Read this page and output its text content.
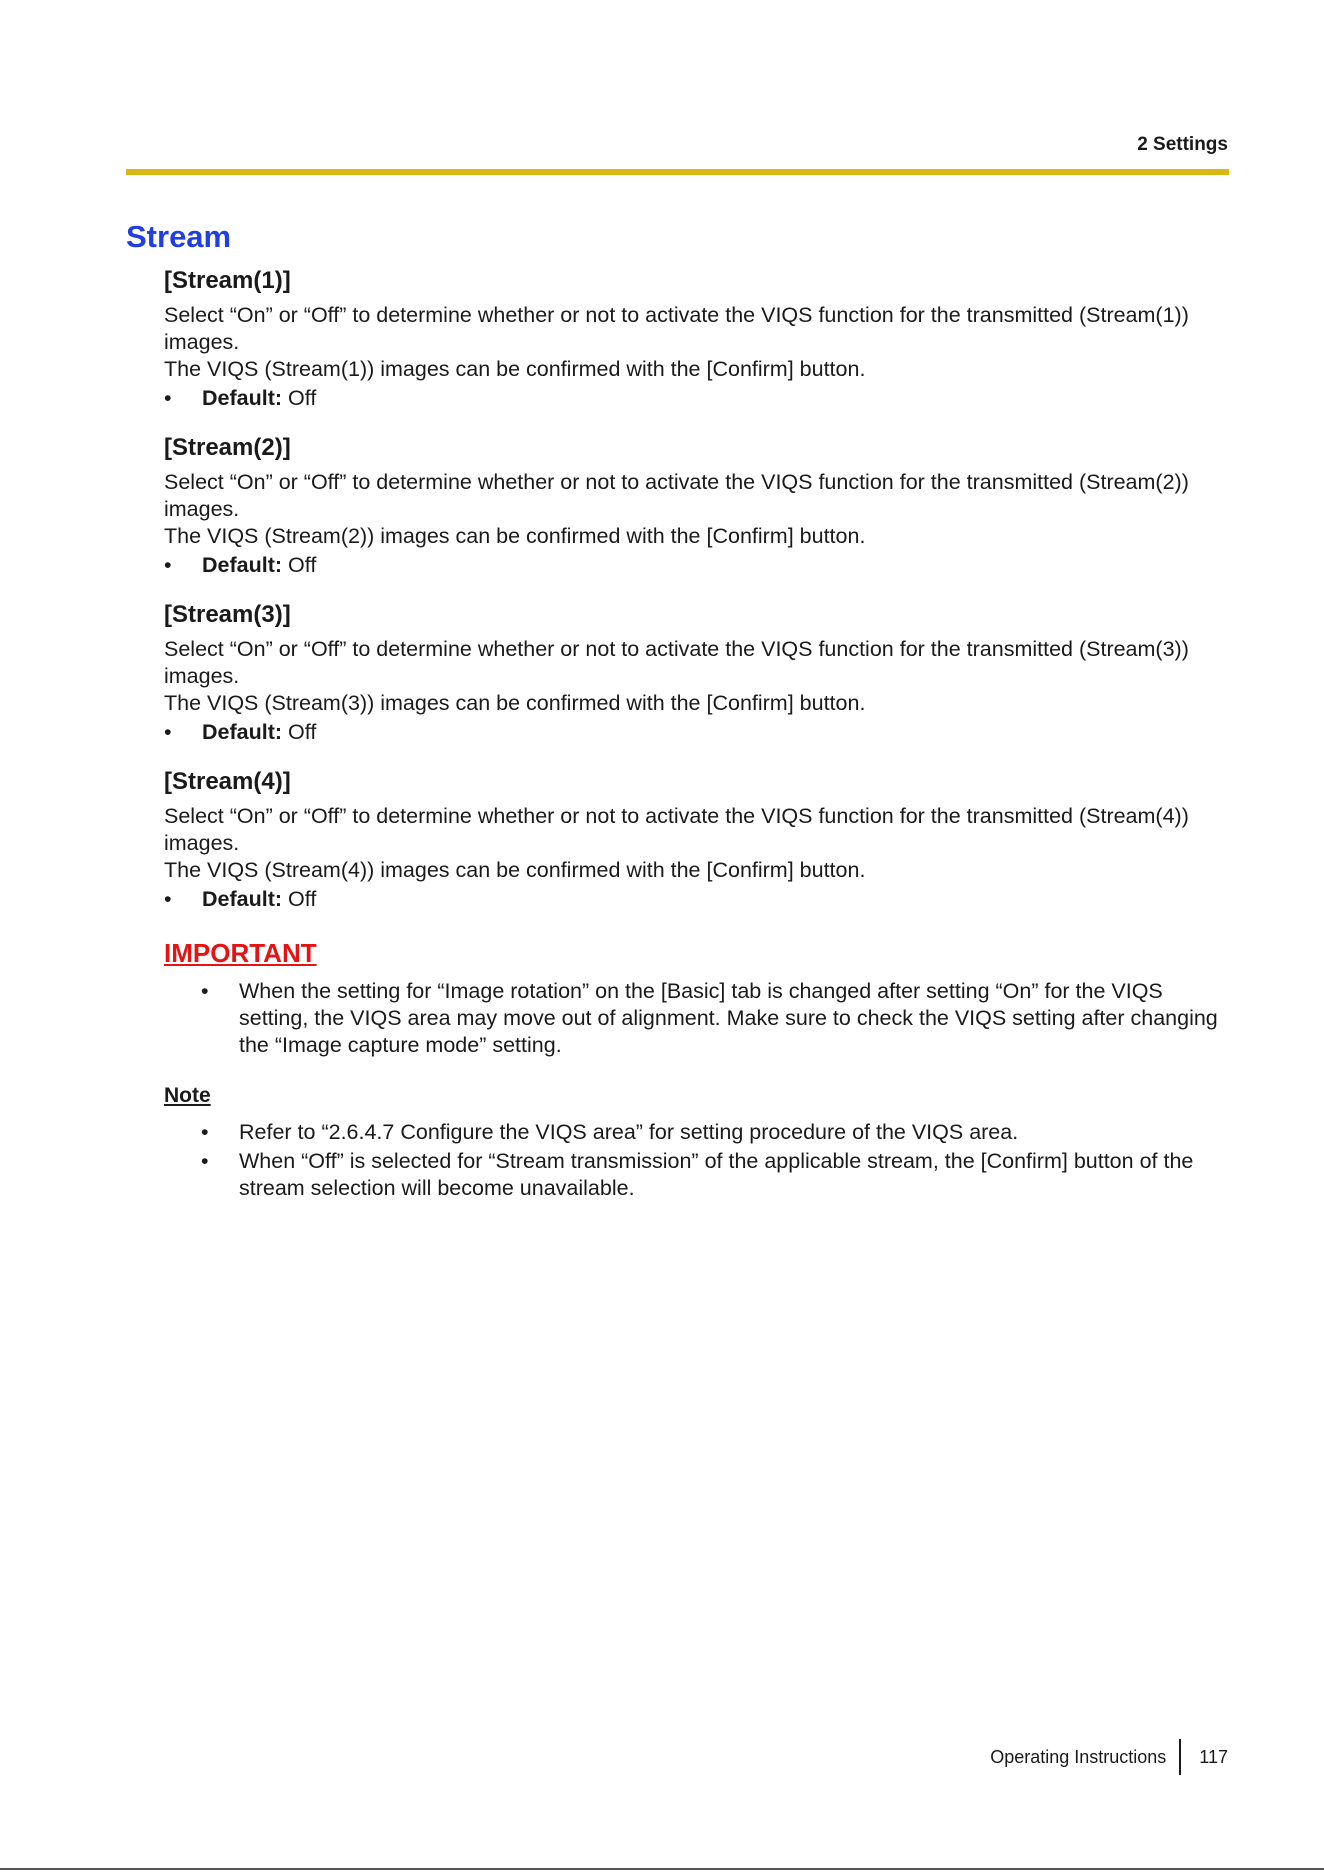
2 Settings
Stream
[Stream(1)]

Select “On” or “Off” to determine whether or not to activate the VIQS function for the transmitted (Stream(1)) images.

The VIQS (Stream(1)) images can be confirmed with the [Confirm] button.

•	Default:
Off
[Stream(2)]

Select “On” or “Off” to determine whether or not to activate the VIQS function for the transmitted (Stream(2)) images.

The VIQS (Stream(2)) images can be confirmed with the [Confirm] button.

•	Default:
Off
[Stream(3)]

Select “On” or “Off” to determine whether or not to activate the VIQS function for the transmitted (Stream(3)) images.

The VIQS (Stream(3)) images can be confirmed with the [Confirm] button.

•	Default:
Off
[Stream(4)]

Select “On” or “Off” to determine whether or not to activate the VIQS function for the transmitted (Stream(4)) images.

The VIQS (Stream(4)) images can be confirmed with the [Confirm] button.

•	Default:
Off
IMPORTANT
•	When the setting for “Image rotation” on the [Basic] tab is changed after setting “On” for the VIQS setting, the VIQS area may move out of alignment. Make sure to check the VIQS setting after changing the “Image capture mode” setting.
Note
•	Refer to “2.6.4.7 Configure the VIQS area” for setting procedure of the VIQS area.
•	When “Off” is selected for “Stream transmission” of the applicable stream, the [Confirm] button of the stream selection will become unavailable.
Operating Instructions 117
